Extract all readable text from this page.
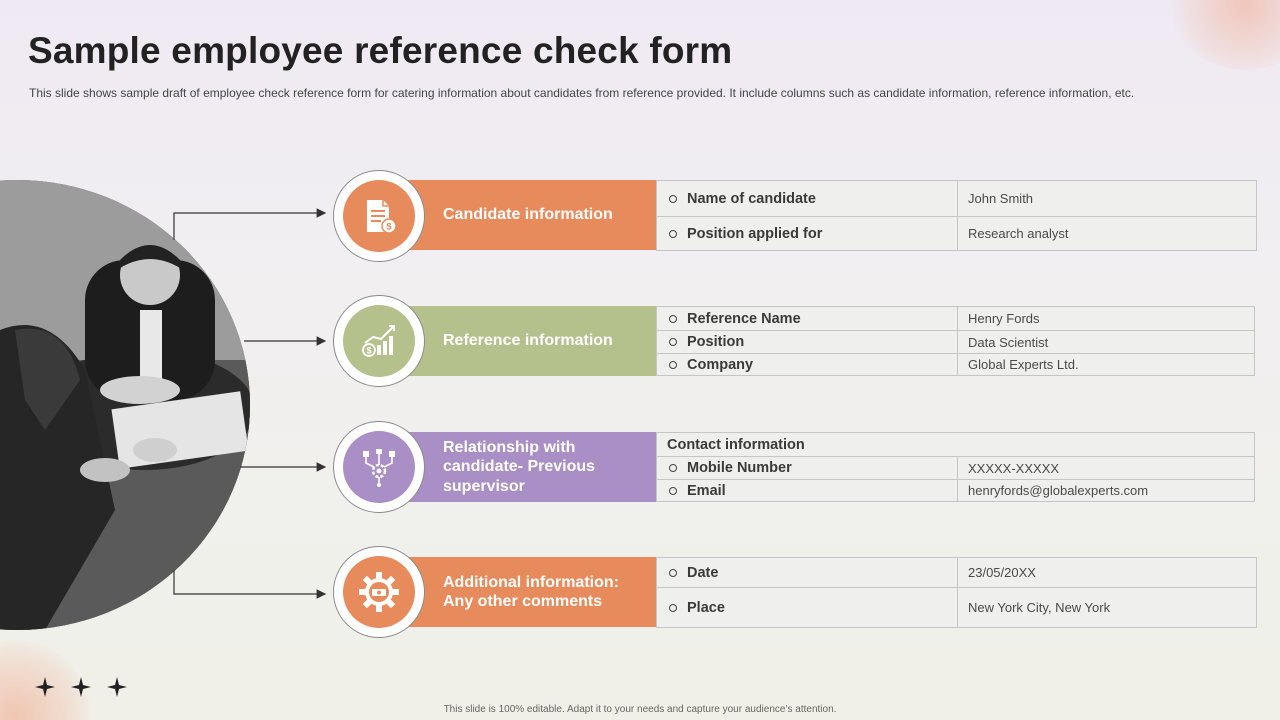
Sample employee reference check form

This slide shows sample draft of employee check reference form for catering information about candidates from reference provided. It include columns such as candidate information, reference information, etc.

$
Candidate information
Name of candidate	John Smith
Position applied for	Research analyst
$
Reference information
Reference Name	Henry Fords
Position	Data Scientist
Company	Global Experts Ltd.
Relationship with candidate- Previous supervisor
Contact information
Mobile Number	XXXXX-XXXXX
Email	henryfords@globalexperts.com
Additional information: Any other comments
Date	23/05/20XX
Place	New York City, New York
This slide is 100% editable. Adapt it to your needs and capture your audience’s attention.
